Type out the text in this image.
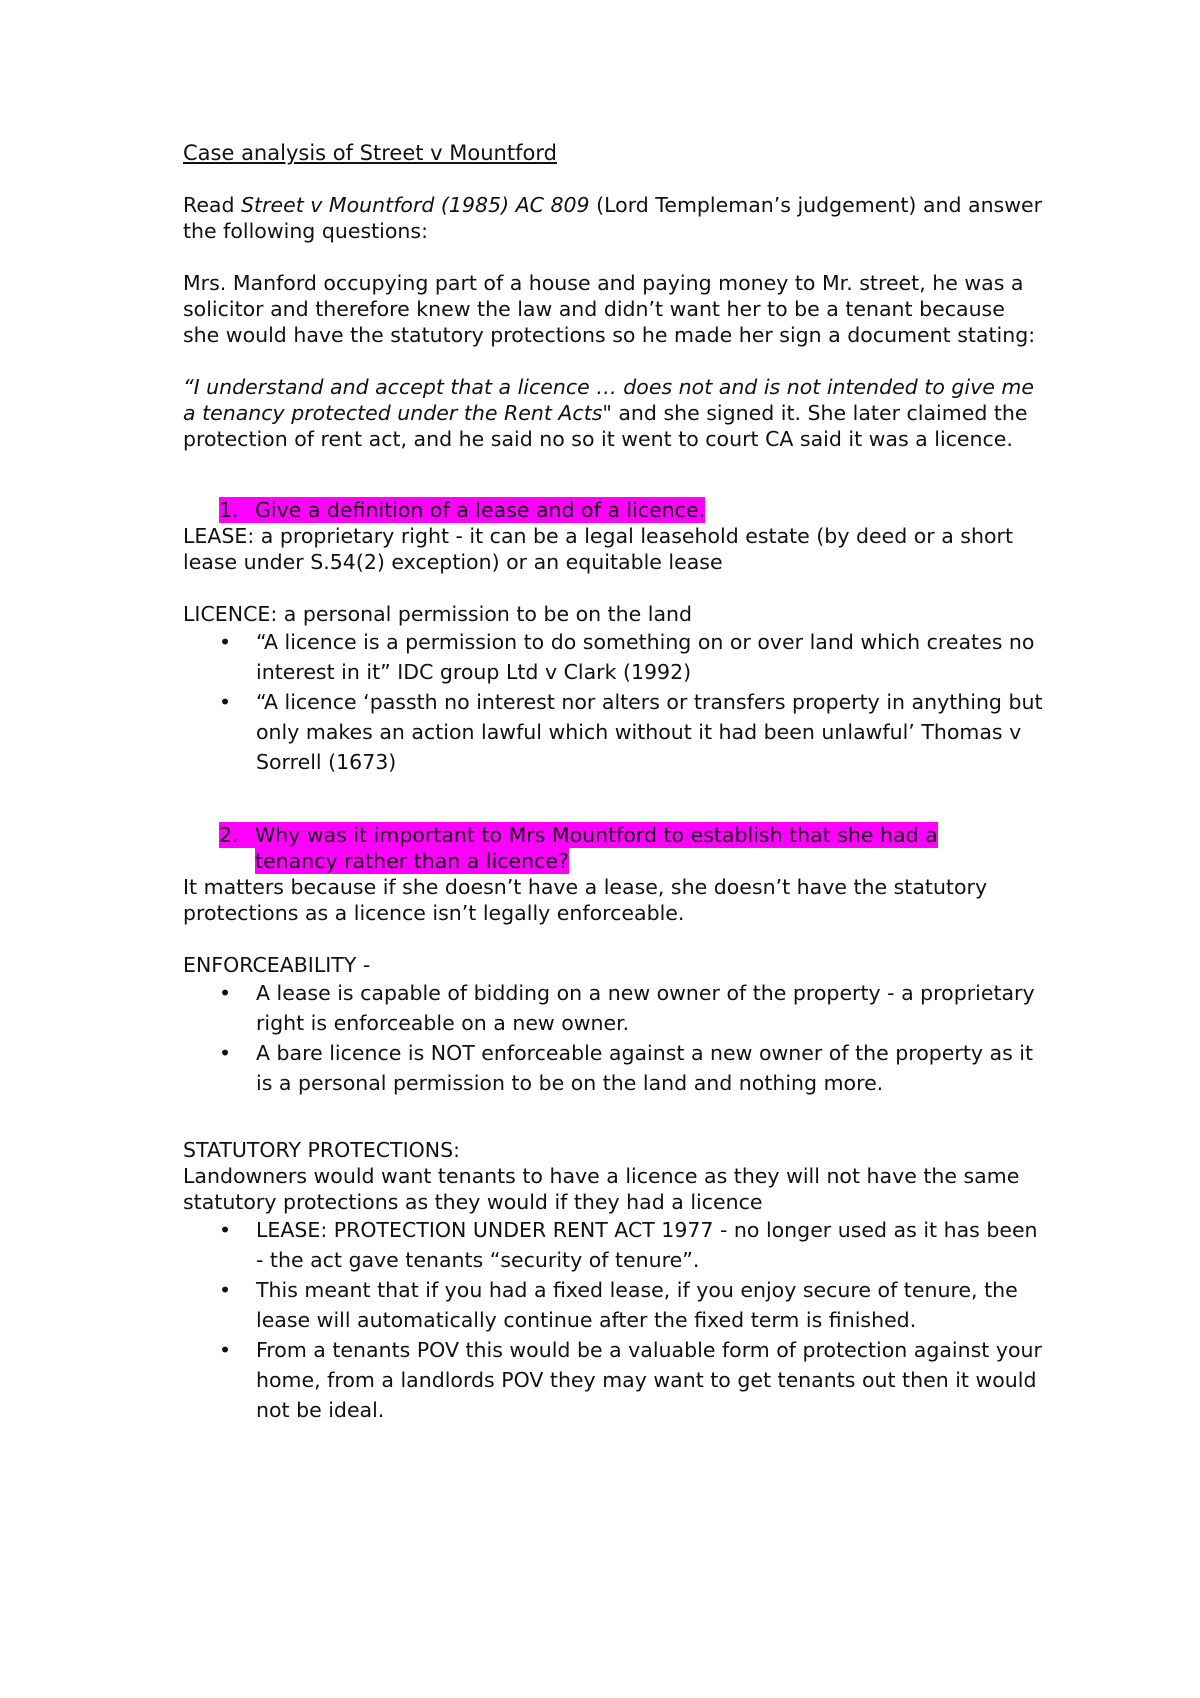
Case analysis of Street v Mountford

Read Street v Mountford (1985) AC 809 (Lord Templeman’s judgement) and answer the following questions:

Mrs. Manford occupying part of a house and paying money to Mr. street, he was a solicitor and therefore knew the law and didn’t want her to be a tenant because she would have the statutory protections so he made her sign a document stating:

“I understand and accept that a licence … does not and is not intended to give me a tenancy protected under the Rent Acts" and she signed it. She later claimed the protection of rent act, and he said no so it went to court CA said it was a licence.

1. Give a definition of a lease and of a licence.

LEASE: a proprietary right - it can be a legal leasehold estate (by deed or a short lease under S.54(2) exception) or an equitable lease

LICENCE: a personal permission to be on the land

• “A licence is a permission to do something on or over land which creates no interest in it” IDC group Ltd v Clark (1992)
• “A licence ‘passth no interest nor alters or transfers property in anything but only makes an action lawful which without it had been unlawful’ Thomas v Sorrell (1673)
2. Why was it important to Mrs Mountford to establish that she had a
tenancy rather than a licence?

It matters because if she doesn’t have a lease, she doesn’t have the statutory protections as a licence isn’t legally enforceable.

ENFORCEABILITY -

• A lease is capable of bidding on a new owner of the property - a proprietary right is enforceable on a new owner.
• A bare licence is NOT enforceable against a new owner of the property as it is a personal permission to be on the land and nothing more.

STATUTORY PROTECTIONS:

Landowners would want tenants to have a licence as they will not have the same statutory protections as they would if they had a licence

• LEASE: PROTECTION UNDER RENT ACT 1977 - no longer used as it has been - the act gave tenants “security of tenure”.
• This meant that if you had a fixed lease, if you enjoy secure of tenure, the lease will automatically continue after the fixed term is finished.
• From a tenants POV this would be a valuable form of protection against your home, from a landlords POV they may want to get tenants out then it would not be ideal.
